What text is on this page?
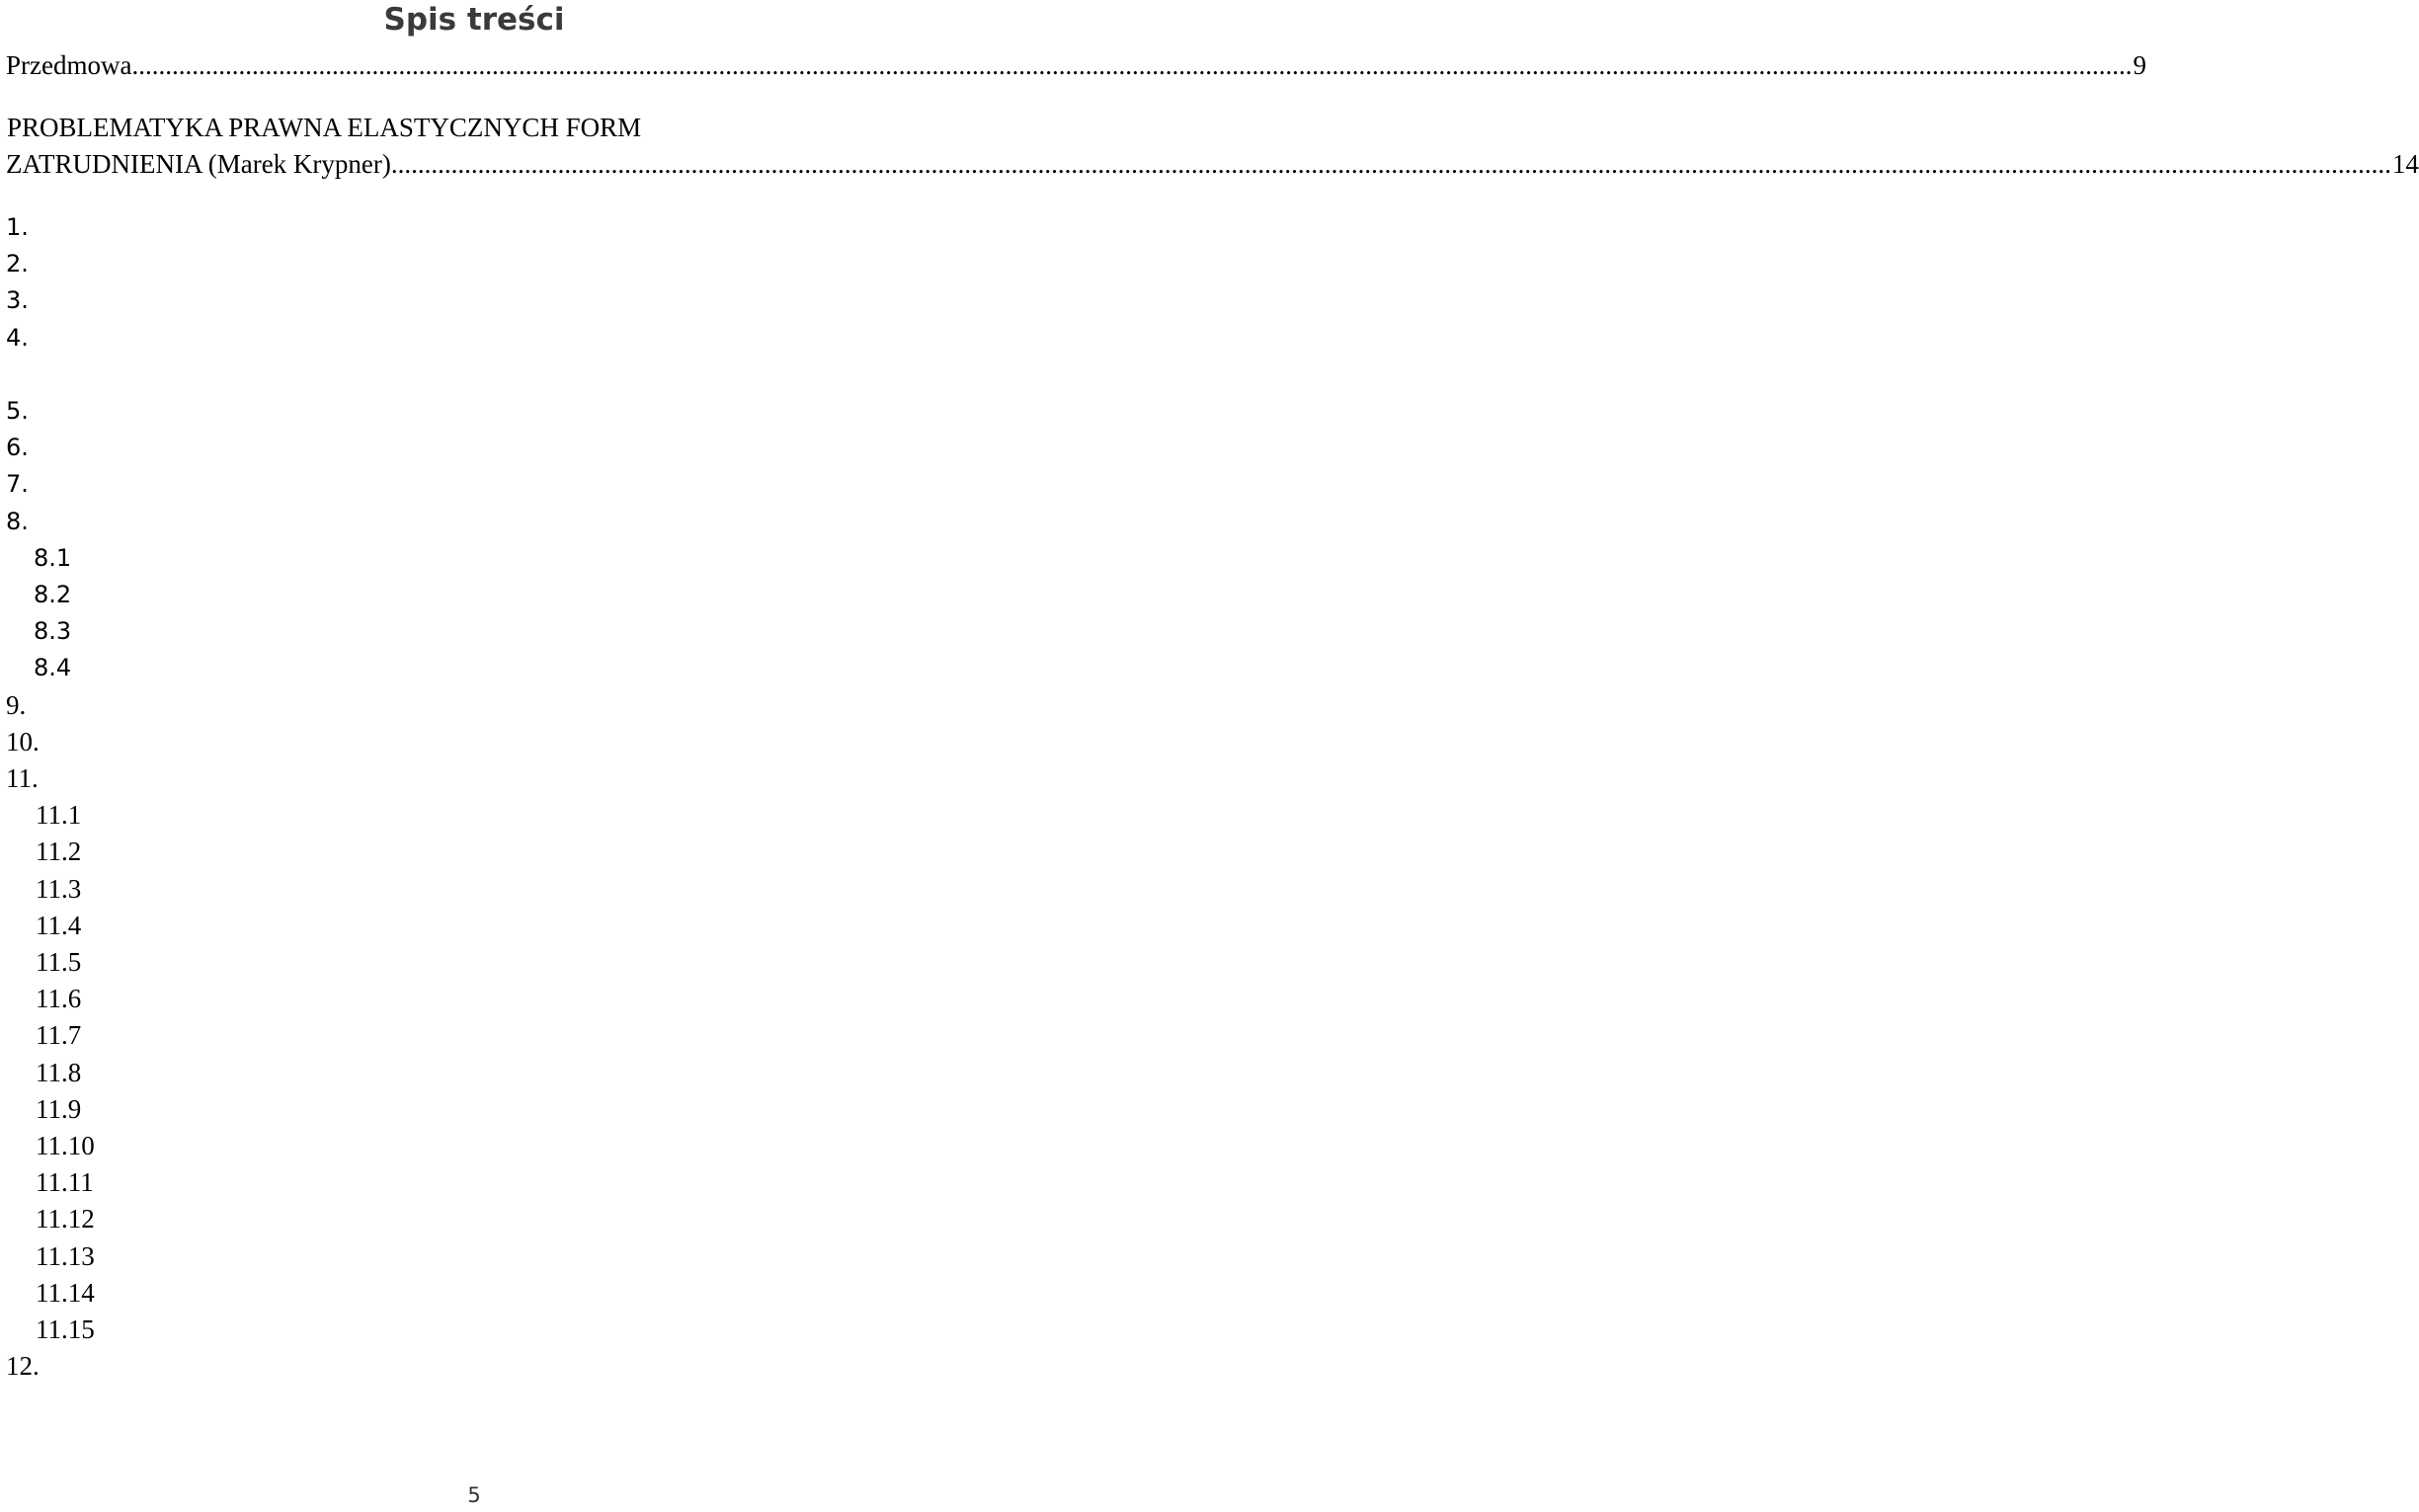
Spis treści
Przedmowa ............................................................................................................................................................................................................................................................................................................ 9
PROBLEMATYKA PRAWNA ELASTYCZNYCH FORM
ZATRUDNIENIA (Marek Krypner) ............................................................................................................................................................................................................................................................................................................ 14
1.
2.
3.
4.
5.
6.
7.
8.
8.1
8.2
8.3
8.4
9.
10.
11.
11.1
11.2
11.3
11.4
11.5
11.6
11.7
11.8
11.9
11.10
11.11
11.12
11.13
11.14
11.15
12.
5
